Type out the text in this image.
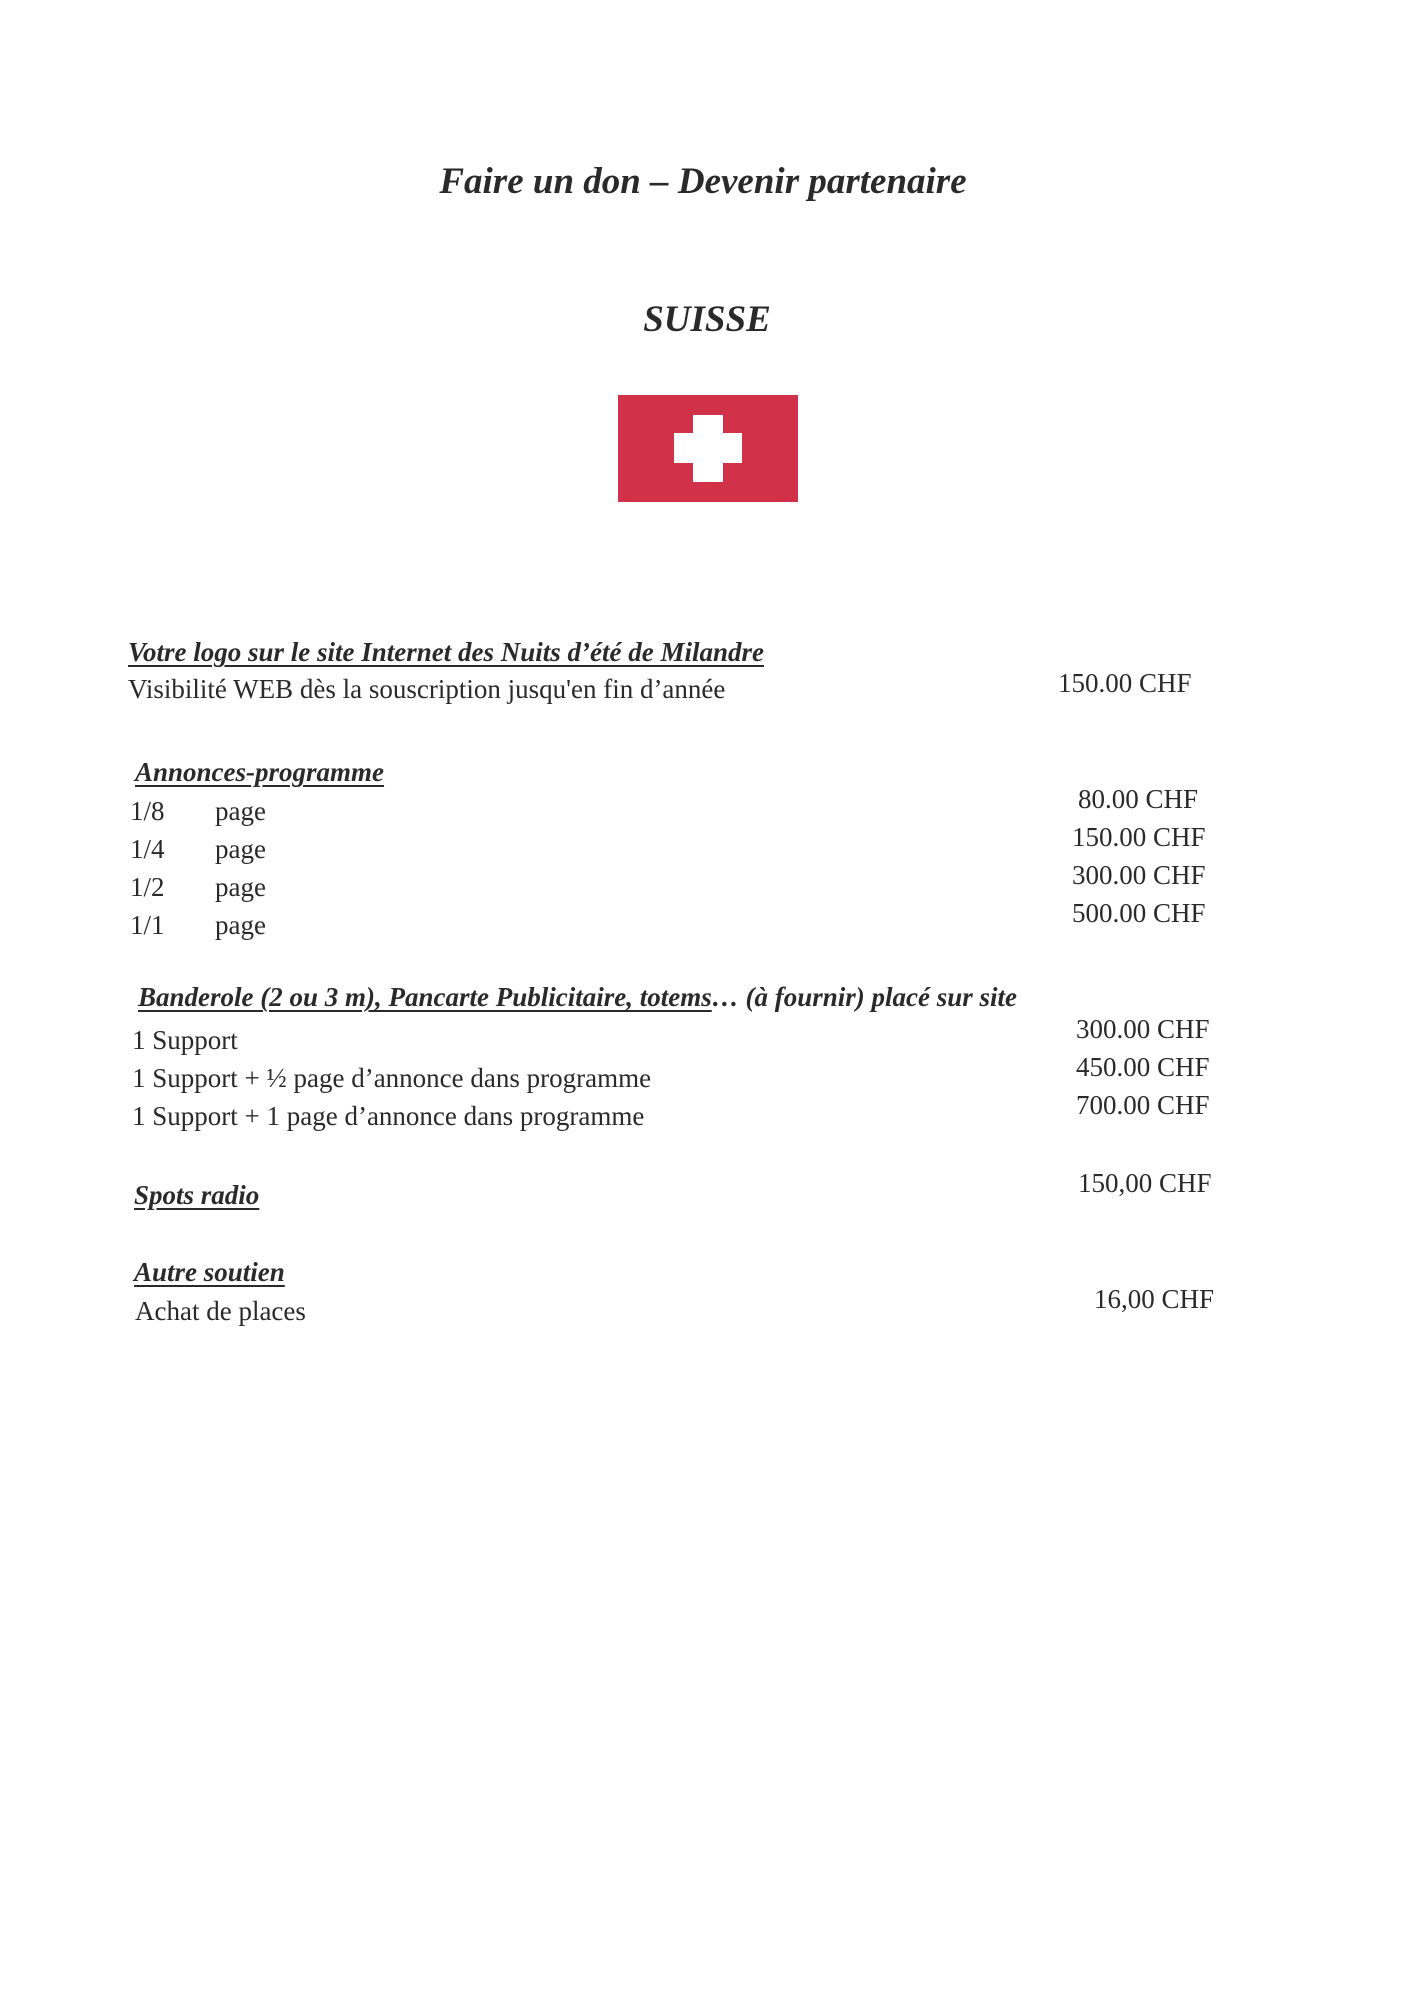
Faire un don – Devenir partenaire
SUISSE
Votre logo sur le site Internet des Nuits d’été de Milandre
Visibilité WEB dès la souscription jusqu'en fin d’année	150.00 CHF
Annonces-programme
1/8 page	80.00 CHF
1/4 page	150.00 CHF
1/2 page	300.00 CHF
1/1 page	500.00 CHF
Banderole (2 ou 3 m), Pancarte Publicitaire, totems… (à fournir) placé sur site
1 Support	300.00 CHF
1 Support + ½ page d’annonce dans programme	450.00 CHF
1 Support + 1 page d’annonce dans programme	700.00 CHF
Spots radio	150,00 CHF
Autre soutien
Achat de places	16,00 CHF
